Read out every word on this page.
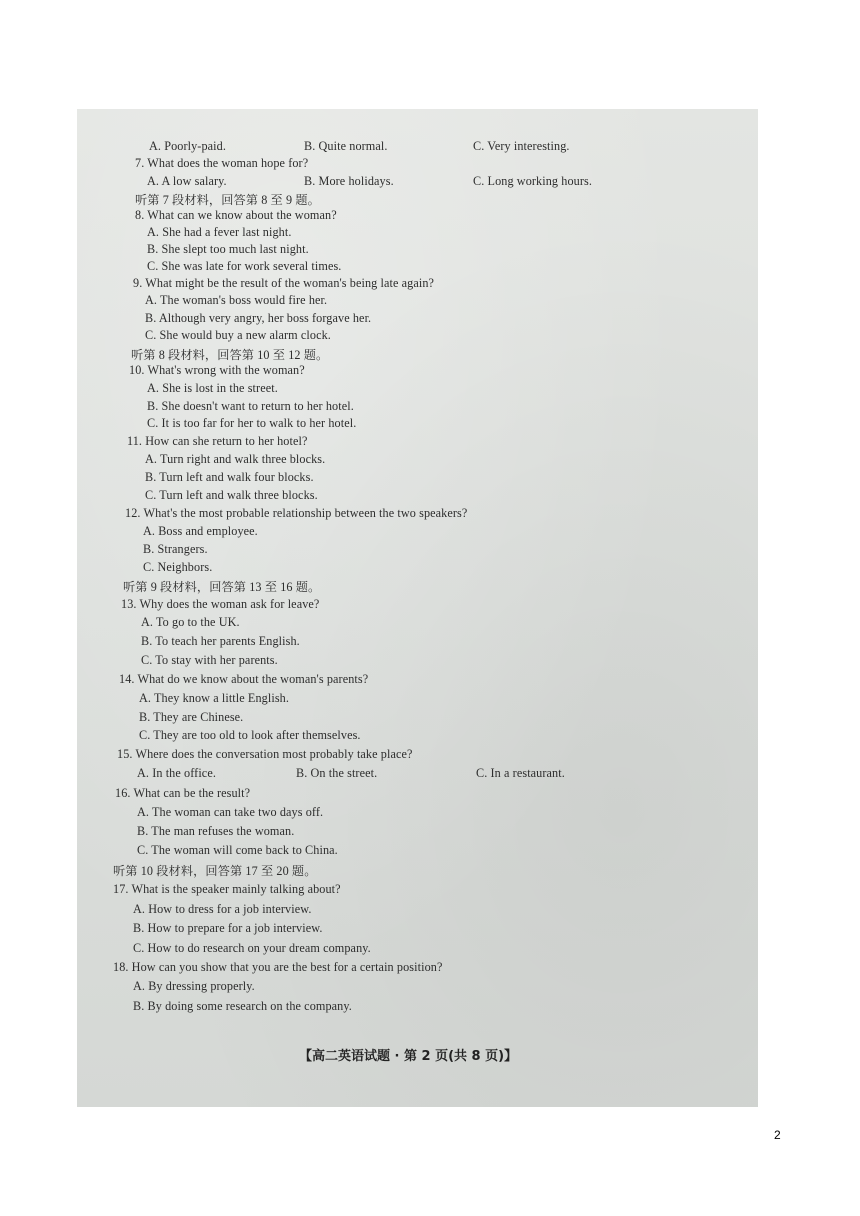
A. Poorly-paid.	B. Quite normal.	C. Very interesting.
7. What does the woman hope for?
A. A low salary.	B. More holidays.	C. Long working hours.
听第 7 段材料，回答第 8 至 9 题。
8. What can we know about the woman?
A. She had a fever last night.
B. She slept too much last night.
C. She was late for work several times.
9. What might be the result of the woman's being late again?
A. The woman's boss would fire her.
B. Although very angry, her boss forgave her.
C. She would buy a new alarm clock.
听第 8 段材料，回答第 10 至 12 题。
10. What's wrong with the woman?
A. She is lost in the street.
B. She doesn't want to return to her hotel.
C. It is too far for her to walk to her hotel.
11. How can she return to her hotel?
A. Turn right and walk three blocks.
B. Turn left and walk four blocks.
C. Turn left and walk three blocks.
12. What's the most probable relationship between the two speakers?
A. Boss and employee.
B. Strangers.
C. Neighbors.
听第 9 段材料，回答第 13 至 16 题。
13. Why does the woman ask for leave?
A. To go to the UK.
B. To teach her parents English.
C. To stay with her parents.
14. What do we know about the woman's parents?
A. They know a little English.
B. They are Chinese.
C. They are too old to look after themselves.
15. Where does the conversation most probably take place?
A. In the office.	B. On the street.	C. In a restaurant.
16. What can be the result?
A. The woman can take two days off.
B. The man refuses the woman.
C. The woman will come back to China.
听第 10 段材料，回答第 17 至 20 题。
17. What is the speaker mainly talking about?
A. How to dress for a job interview.
B. How to prepare for a job interview.
C. How to do research on your dream company.
18. How can you show that you are the best for a certain position?
A. By dressing properly.
B. By doing some research on the company.
【高二英语试题 · 第 2 页(共 8 页)】
2
